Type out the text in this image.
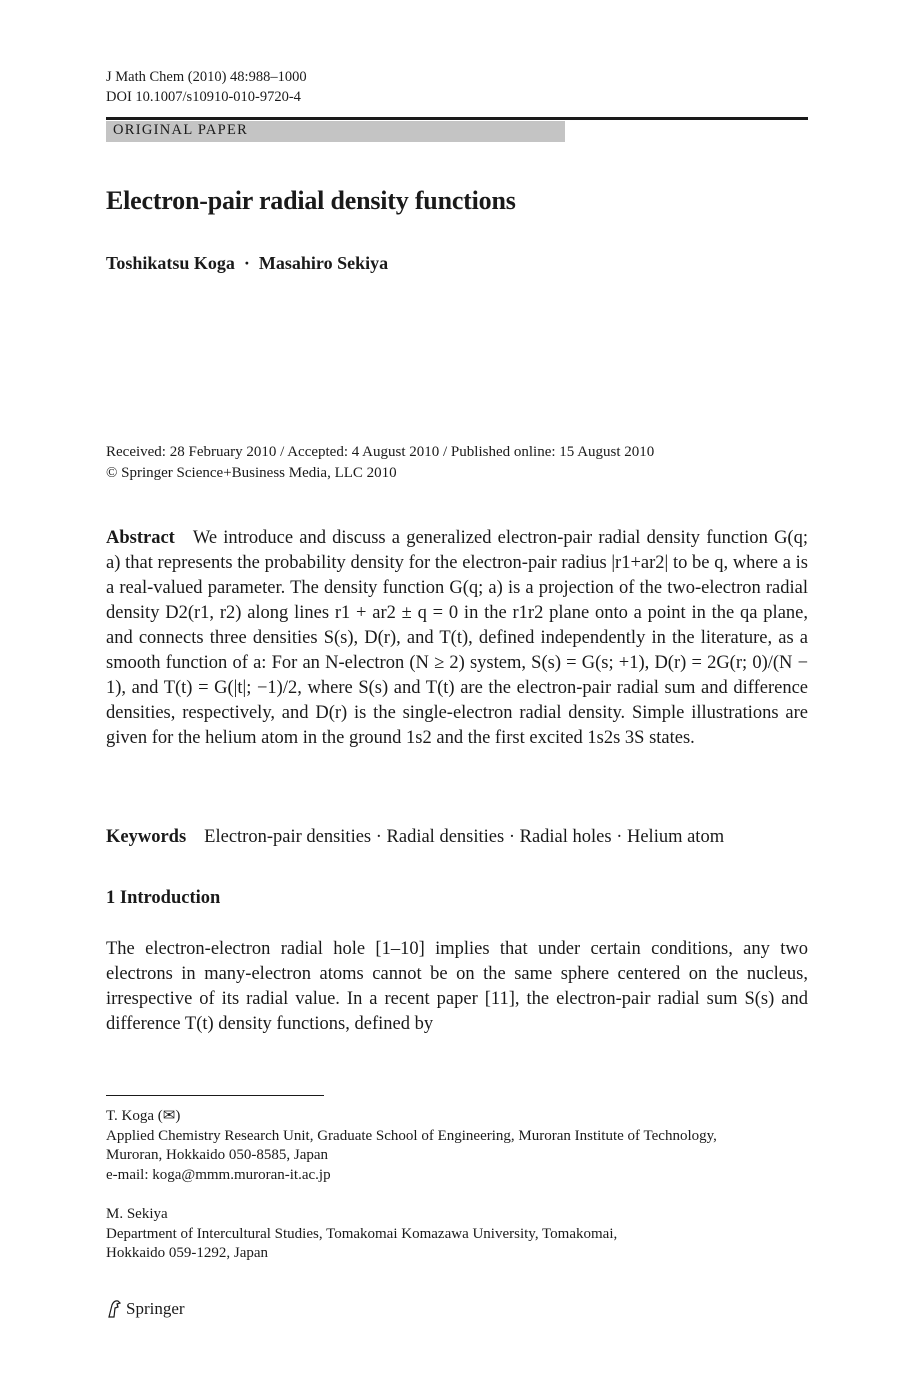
J Math Chem (2010) 48:988–1000
DOI 10.1007/s10910-010-9720-4
ORIGINAL PAPER
Electron-pair radial density functions
Toshikatsu Koga · Masahiro Sekiya
Received: 28 February 2010 / Accepted: 4 August 2010 / Published online: 15 August 2010
© Springer Science+Business Media, LLC 2010
Abstract We introduce and discuss a generalized electron-pair radial density function G(q; a) that represents the probability density for the electron-pair radius |r1+ar2| to be q, where a is a real-valued parameter. The density function G(q; a) is a projection of the two-electron radial density D2(r1, r2) along lines r1 + ar2 ± q = 0 in the r1r2 plane onto a point in the qa plane, and connects three densities S(s), D(r), and T(t), defined independently in the literature, as a smooth function of a: For an N-electron (N ≥ 2) system, S(s) = G(s; +1), D(r) = 2G(r; 0)/(N − 1), and T(t) = G(|t|; −1)/2, where S(s) and T(t) are the electron-pair radial sum and difference densities, respectively, and D(r) is the single-electron radial density. Simple illustrations are given for the helium atom in the ground 1s2 and the first excited 1s2s 3S states.
Keywords Electron-pair densities · Radial densities · Radial holes · Helium atom
1 Introduction
The electron-electron radial hole [1–10] implies that under certain conditions, any two electrons in many-electron atoms cannot be on the same sphere centered on the nucleus, irrespective of its radial value. In a recent paper [11], the electron-pair radial sum S(s) and difference T(t) density functions, defined by
T. Koga (✉)
Applied Chemistry Research Unit, Graduate School of Engineering, Muroran Institute of Technology,
Muroran, Hokkaido 050-8585, Japan
e-mail: koga@mmm.muroran-it.ac.jp
M. Sekiya
Department of Intercultural Studies, Tomakomai Komazawa University, Tomakomai,
Hokkaido 059-1292, Japan
Springer
